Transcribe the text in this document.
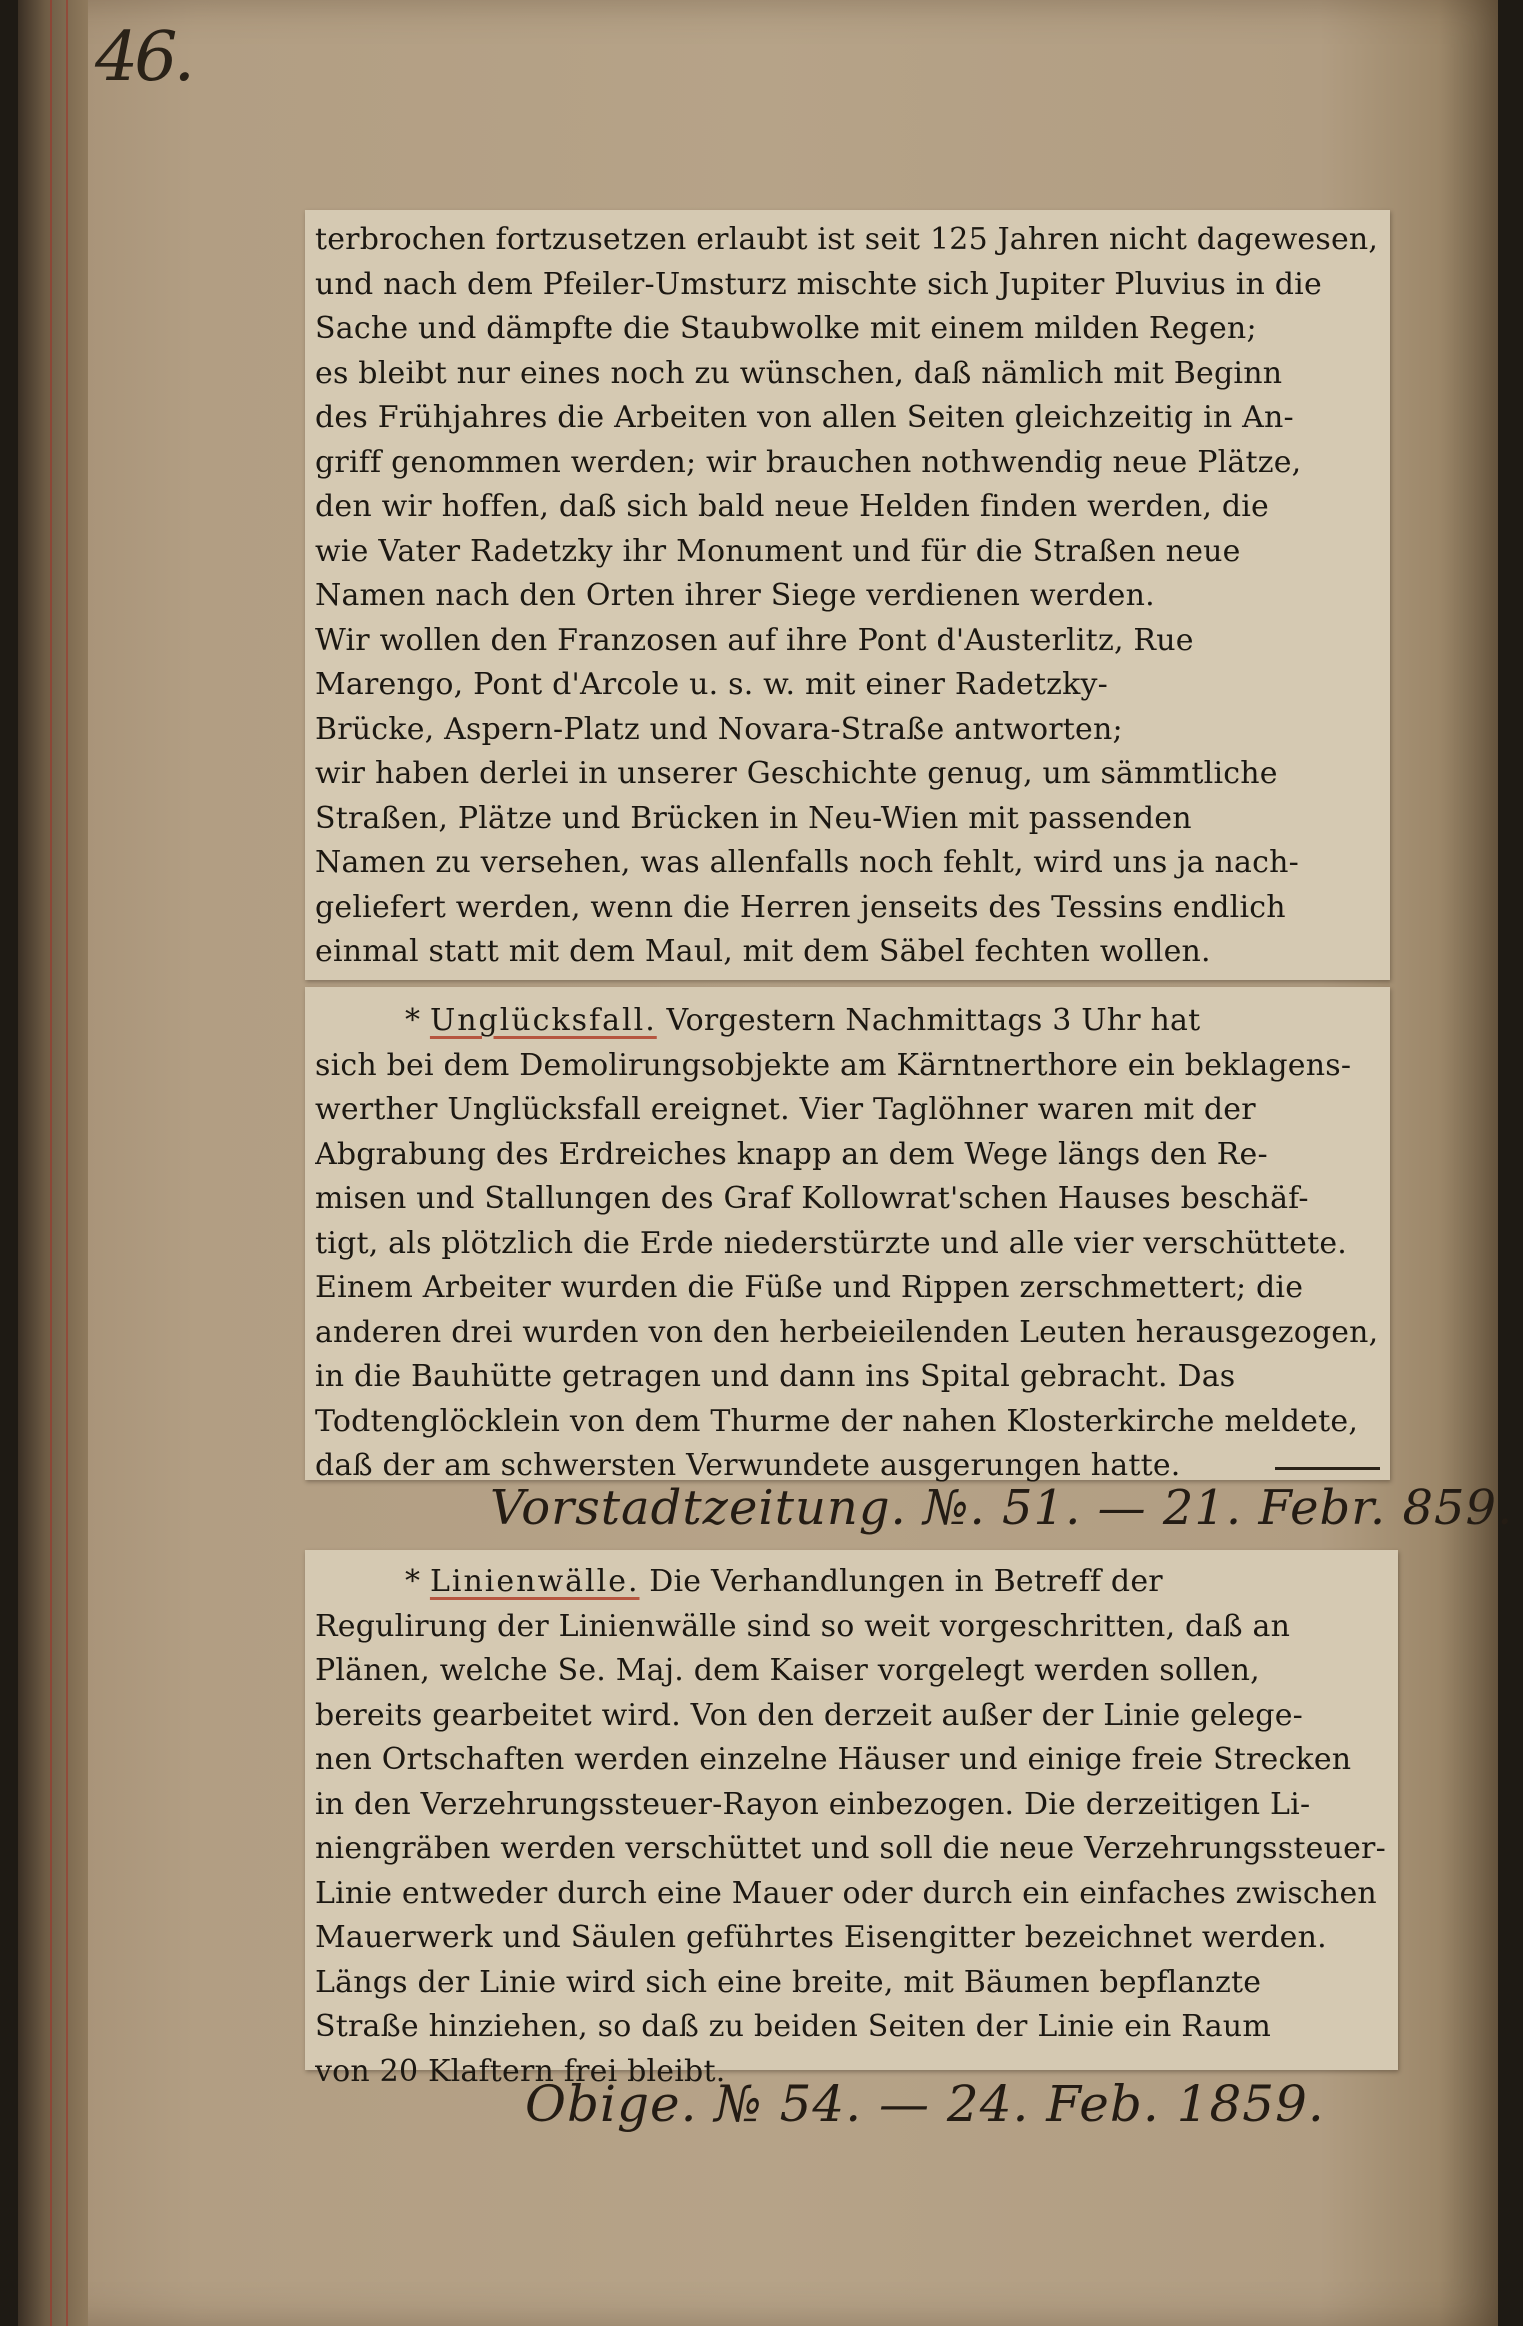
46.
terbrochen fortzusetzen erlaubt ist seit 125 Jahren nicht dagewesen,
und nach dem Pfeiler-Umsturz mischte sich Jupiter Pluvius in die
Sache und dämpfte die Staubwolke mit einem milden Regen;
es bleibt nur eines noch zu wünschen, daß nämlich mit Beginn
des Frühjahres die Arbeiten von allen Seiten gleichzeitig in An-
griff genommen werden; wir brauchen nothwendig neue Plätze,
den wir hoffen, daß sich bald neue Helden finden werden, die
wie Vater Radetzky ihr Monument und für die Straßen neue
Namen nach den Orten ihrer Siege verdienen werden.
Wir wollen den Franzosen auf ihre Pont d'Austerlitz, Rue
Marengo, Pont d'Arcole u. s. w. mit einer Radetzky-
Brücke, Aspern-Platz und Novara-Straße antworten;
wir haben derlei in unserer Geschichte genug, um sämmtliche
Straßen, Plätze und Brücken in Neu-Wien mit passenden
Namen zu versehen, was allenfalls noch fehlt, wird uns ja nach-
geliefert werden, wenn die Herren jenseits des Tessins endlich
einmal statt mit dem Maul, mit dem Säbel fechten wollen.
* Unglücksfall. Vorgestern Nachmittags 3 Uhr hat
sich bei dem Demolirungsobjekte am Kärntnerthore ein beklagens-
werther Unglücksfall ereignet. Vier Taglöhner waren mit der
Abgrabung des Erdreiches knapp an dem Wege längs den Re-
misen und Stallungen des Graf Kollowrat'schen Hauses beschäf-
tigt, als plötzlich die Erde niederstürzte und alle vier verschüttete.
Einem Arbeiter wurden die Füße und Rippen zerschmettert; die
anderen drei wurden von den herbeieilenden Leuten herausgezogen,
in die Bauhütte getragen und dann ins Spital gebracht. Das
Todtenglöcklein von dem Thurme der nahen Klosterkirche meldete,
daß der am schwersten Verwundete ausgerungen hatte.
Vorstadtzeitung. №. 51. — 21. Febr. 859.
* Linienwälle. Die Verhandlungen in Betreff der
Regulirung der Linienwälle sind so weit vorgeschritten, daß an
Plänen, welche Se. Maj. dem Kaiser vorgelegt werden sollen,
bereits gearbeitet wird. Von den derzeit außer der Linie gelege-
nen Ortschaften werden einzelne Häuser und einige freie Strecken
in den Verzehrungssteuer-Rayon einbezogen. Die derzeitigen Li-
niengräben werden verschüttet und soll die neue Verzehrungssteuer-
Linie entweder durch eine Mauer oder durch ein einfaches zwischen
Mauerwerk und Säulen geführtes Eisengitter bezeichnet werden.
Längs der Linie wird sich eine breite, mit Bäumen bepflanzte
Straße hinziehen, so daß zu beiden Seiten der Linie ein Raum
von 20 Klaftern frei bleibt.
Obige. № 54. — 24. Feb. 1859.
